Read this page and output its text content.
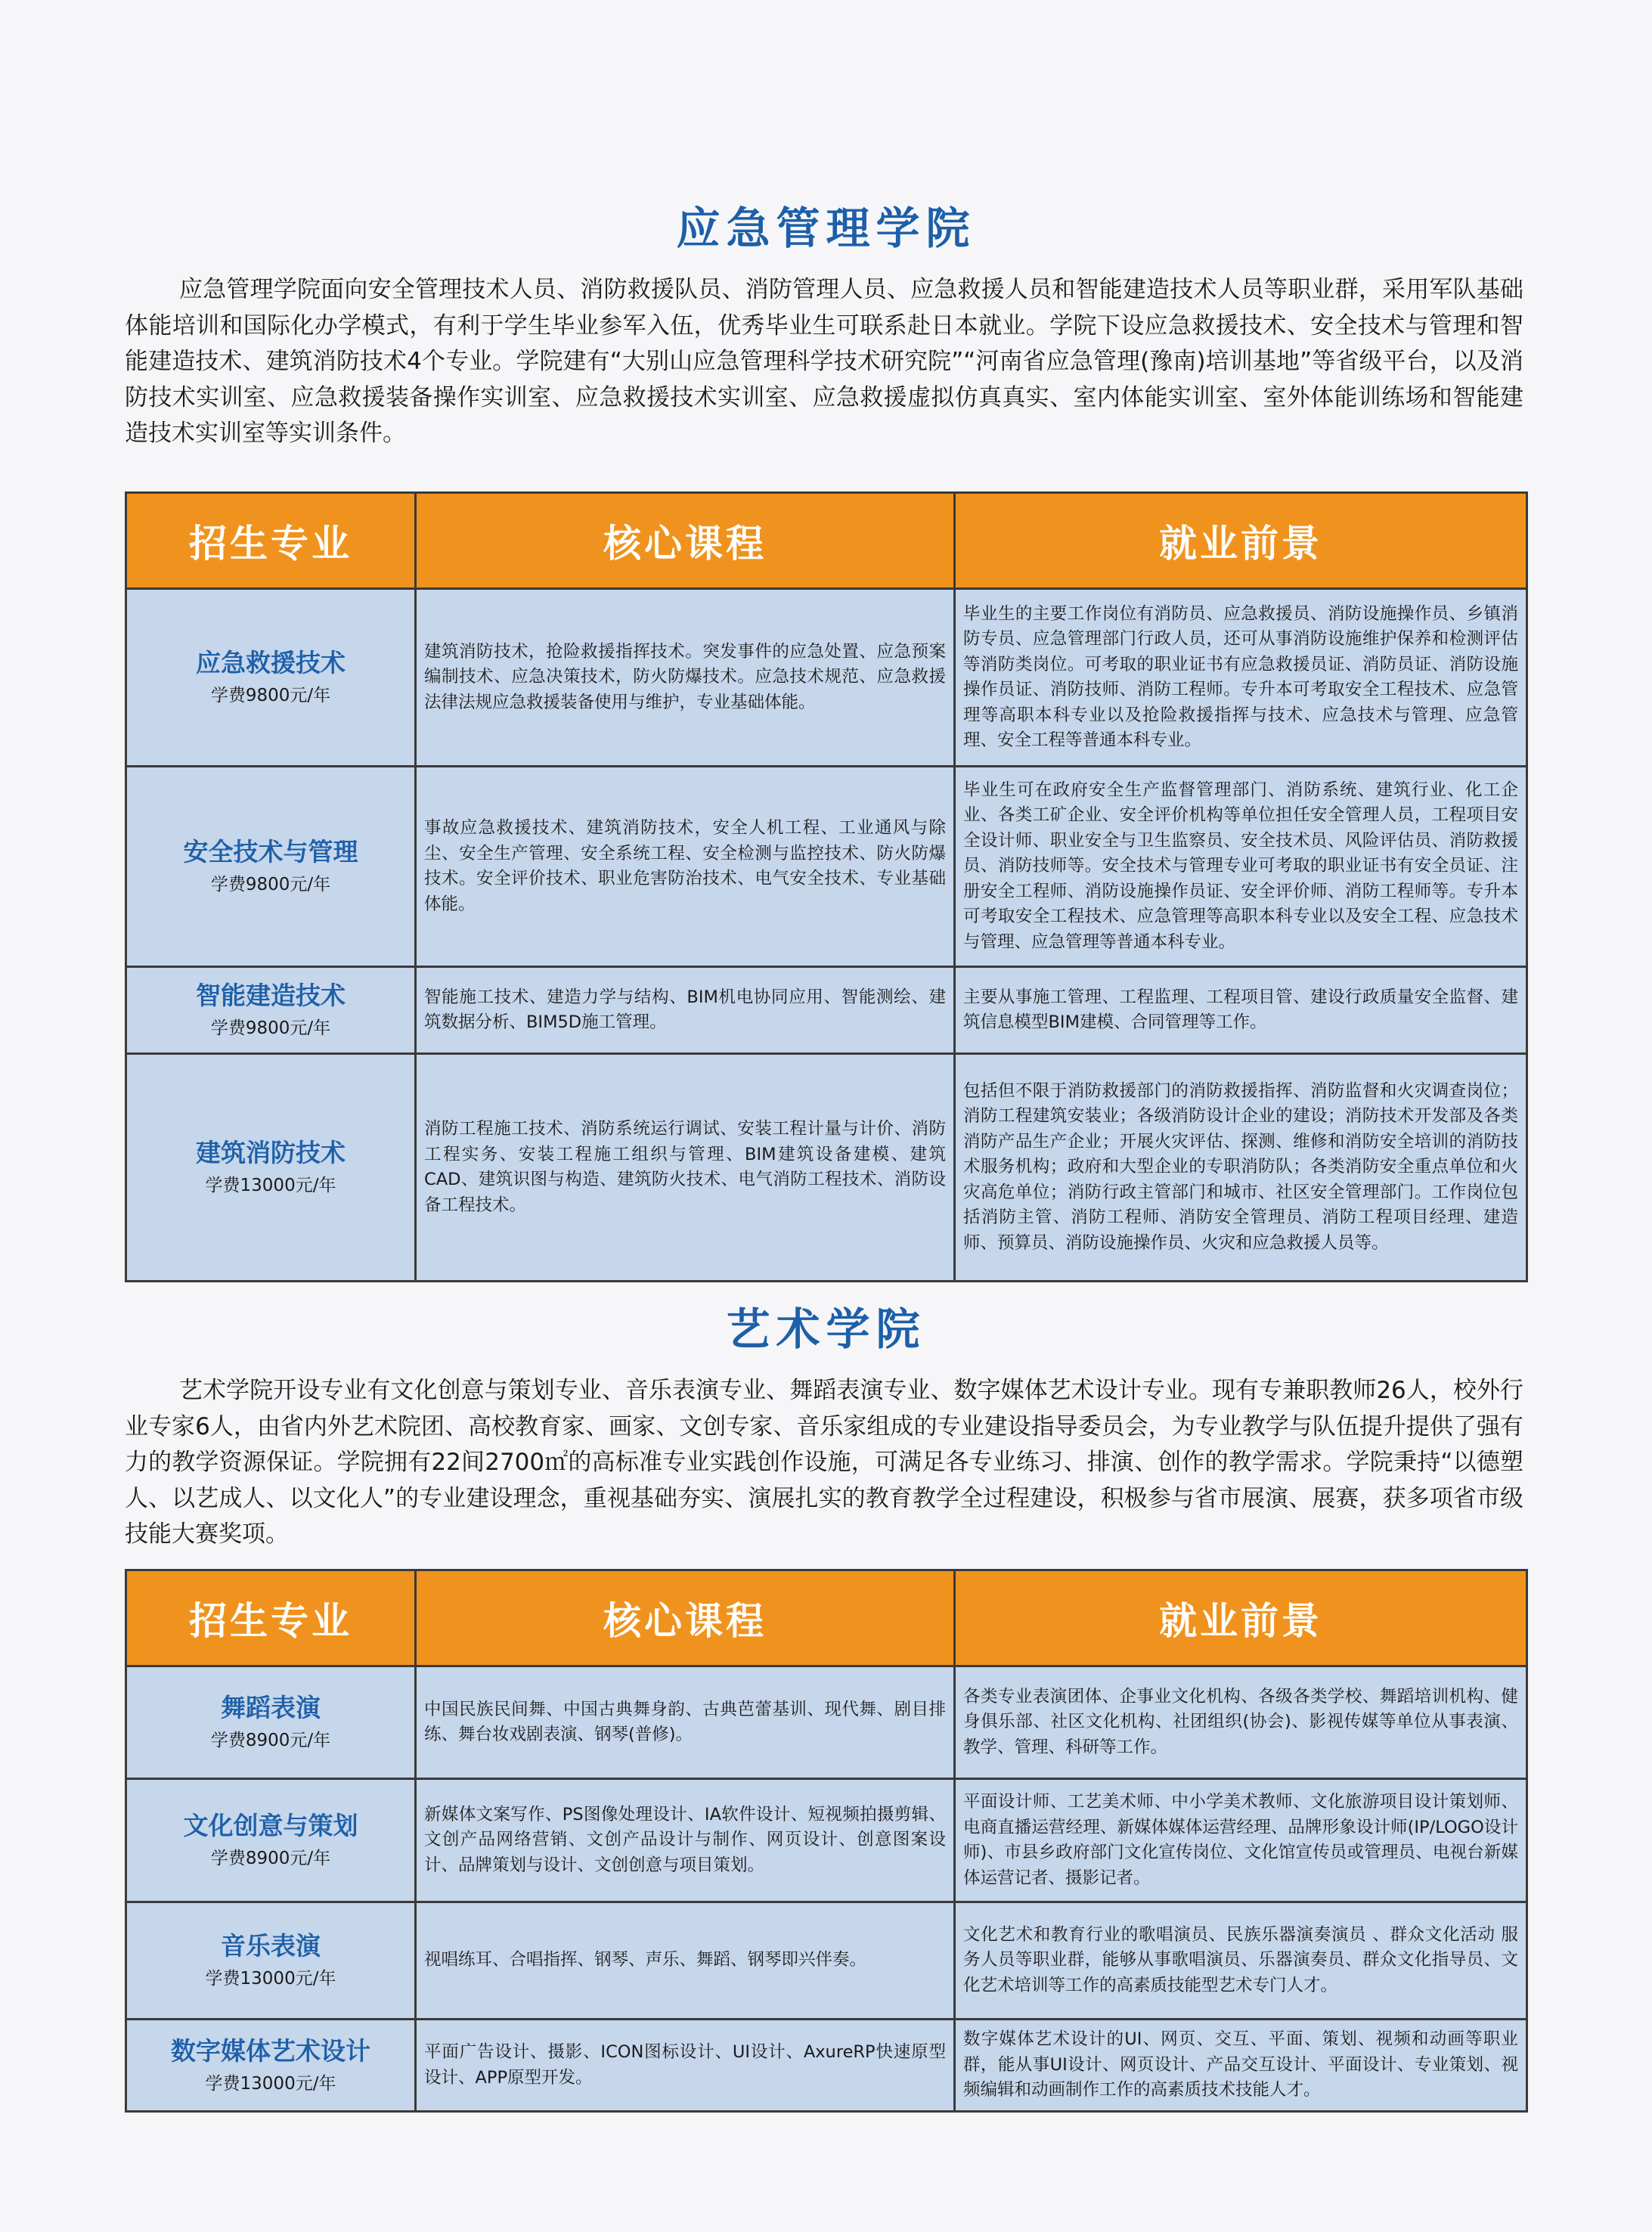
应急管理学院

应急管理学院面向安全管理技术人员、消防救援队员、消防管理人员、应急救援人员和智能建造技术人员等职业群，采用军队基础体能培训和国际化办学模式，有利于学生毕业参军入伍，优秀毕业生可联系赴日本就业。学院下设应急救援技术、安全技术与管理和智能建造技术、建筑消防技术4个专业。学院建有“大别山应急管理科学技术研究院”“河南省应急管理(豫南)培训基地”等省级平台，以及消防技术实训室、应急救援装备操作实训室、应急救援技术实训室、应急救援虚拟仿真真实、室内体能实训室、室外体能训练场和智能建造技术实训室等实训条件。

招生专业	核心课程	就业前景

应急救援技术
学费9800元/年	建筑消防技术，抢险救援指挥技术。突发事件的应急处置、应急预案编制技术、应急决策技术，防火防爆技术。应急技术规范、应急救援法律法规应急救援装备使用与维护，专业基础体能。	毕业生的主要工作岗位有消防员、应急救援员、消防设施操作员、乡镇消防专员、应急管理部门行政人员，还可从事消防设施维护保养和检测评估等消防类岗位。可考取的职业证书有应急救援员证、消防员证、消防设施操作员证、消防技师、消防工程师。专升本可考取安全工程技术、应急管理等高职本科专业以及抢险救援指挥与技术、应急技术与管理、应急管理、安全工程等普通本科专业。

安全技术与管理
学费9800元/年	事故应急救援技术、建筑消防技术，安全人机工程、工业通风与除尘、安全生产管理、安全系统工程、安全检测与监控技术、防火防爆技术。安全评价技术、职业危害防治技术、电气安全技术、专业基础体能。	毕业生可在政府安全生产监督管理部门、消防系统、建筑行业、化工企业、各类工矿企业、安全评价机构等单位担任安全管理人员，工程项目安全设计师、职业安全与卫生监察员、安全技术员、风险评估员、消防救援员、消防技师等。安全技术与管理专业可考取的职业证书有安全员证、注册安全工程师、消防设施操作员证、安全评价师、消防工程师等。专升本可考取安全工程技术、应急管理等高职本科专业以及安全工程、应急技术与管理、应急管理等普通本科专业。

智能建造技术
学费9800元/年	智能施工技术、建造力学与结构、BIM机电协同应用、智能测绘、建筑数据分析、BIM5D施工管理。	主要从事施工管理、工程监理、工程项目管、建设行政质量安全监督、建筑信息模型BIM建模、合同管理等工作。

建筑消防技术
学费13000元/年	消防工程施工技术、消防系统运行调试、安装工程计量与计价、消防工程实务、安装工程施工组织与管理、BIM建筑设备建模、建筑CAD、建筑识图与构造、建筑防火技术、电气消防工程技术、消防设备工程技术。	包括但不限于消防救援部门的消防救援指挥、消防监督和火灾调查岗位；消防工程建筑安装业；各级消防设计企业的建设；消防技术开发部及各类消防产品生产企业；开展火灾评估、探测、维修和消防安全培训的消防技术服务机构；政府和大型企业的专职消防队；各类消防安全重点单位和火灾高危单位；消防行政主管部门和城市、社区安全管理部门。工作岗位包括消防主管、消防工程师、消防安全管理员、消防工程项目经理、建造师、预算员、消防设施操作员、火灾和应急救援人员等。
艺术学院

艺术学院开设专业有文化创意与策划专业、音乐表演专业、舞蹈表演专业、数字媒体艺术设计专业。现有专兼职教师26人，校外行业专家6人，由省内外艺术院团、高校教育家、画家、文创专家、音乐家组成的专业建设指导委员会，为专业教学与队伍提升提供了强有力的教学资源保证。学院拥有22间2700㎡的高标准专业实践创作设施，可满足各专业练习、排演、创作的教学需求。学院秉持“以德塑人、以艺成人、以文化人”的专业建设理念，重视基础夯实、演展扎实的教育教学全过程建设，积极参与省市展演、展赛，获多项省市级技能大赛奖项。

招生专业	核心课程	就业前景

舞蹈表演
学费8900元/年	中国民族民间舞、中国古典舞身韵、古典芭蕾基训、现代舞、剧目排练、舞台妆戏剧表演、钢琴(普修)。	各类专业表演团体、企事业文化机构、各级各类学校、舞蹈培训机构、健身俱乐部、社区文化机构、社团组织(协会)、影视传媒等单位从事表演、教学、管理、科研等工作。

文化创意与策划
学费8900元/年	新媒体文案写作、PS图像处理设计、IA软件设计、短视频拍摄剪辑、文创产品网络营销、文创产品设计与制作、网页设计、创意图案设计、品牌策划与设计、文创创意与项目策划。	平面设计师、工艺美术师、中小学美术教师、文化旅游项目设计策划师、电商直播运营经理、新媒体媒体运营经理、品牌形象设计师(IP/LOGO设计师)、市县乡政府部门文化宣传岗位、文化馆宣传员或管理员、电视台新媒体运营记者、摄影记者。

音乐表演
学费13000元/年	视唱练耳、合唱指挥、钢琴、声乐、舞蹈、钢琴即兴伴奏。	文化艺术和教育行业的歌唱演员、民族乐器演奏演员 、群众文化活动 服务人员等职业群，能够从事歌唱演员、乐器演奏员、群众文化指导员、文化艺术培训等工作的高素质技能型艺术专门人才。

数字媒体艺术设计
学费13000元/年	平面广告设计、摄影、ICON图标设计、UI设计、AxureRP快速原型设计、APP原型开发。	数字媒体艺术设计的UI、网页、交互、平面、策划、视频和动画等职业群，能从事UI设计、网页设计、产品交互设计、平面设计、专业策划、视频编辑和动画制作工作的高素质技术技能人才。
